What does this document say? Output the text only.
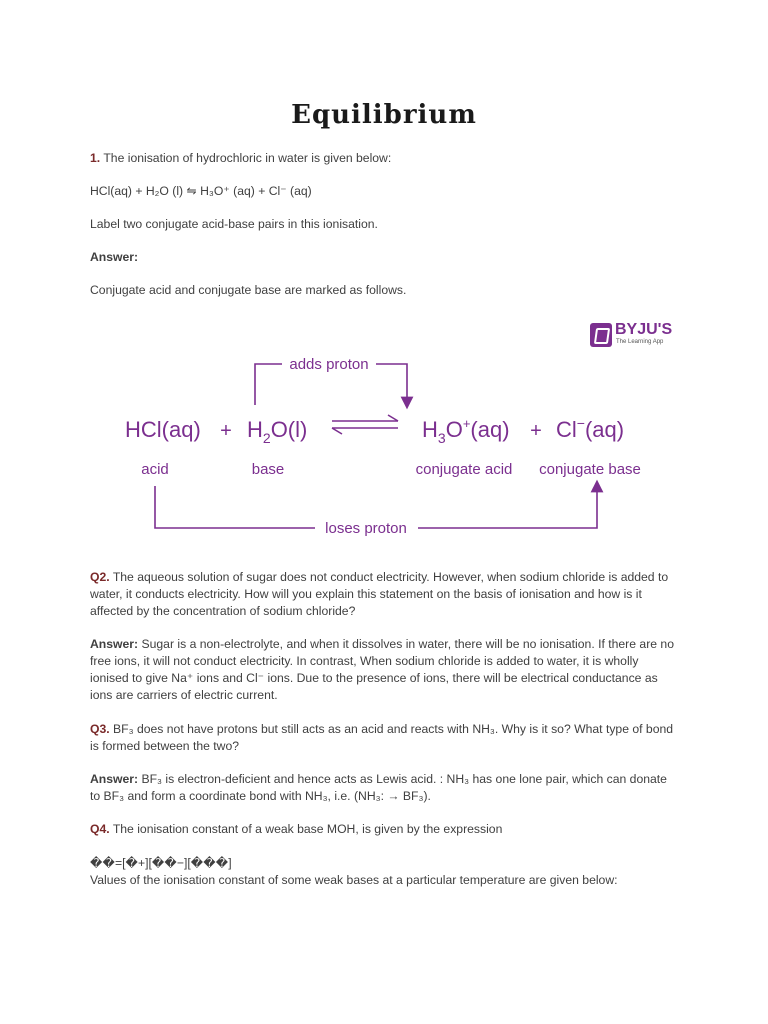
Equilibrium

1. The ionisation of hydrochloric in water is given below:

HCl(aq) + H₂O (l) ⇋ H₃O⁺ (aq) + Cl⁻ (aq)

Label two conjugate acid-base pairs in this ionisation.

Answer:

Conjugate acid and conjugate base are marked as follows.

BYJU'S
The Learning App
adds proton
$HCl(aq) + H_2O(l)$	$H_3O^+(aq) + Cl^-(aq)$
acid	base	conjugate acid conjugate base
loses proton

Q2. The aqueous solution of sugar does not conduct electricity. However, when sodium chloride is added to water, it conducts electricity. How will you explain this statement on the basis of ionisation and how is it affected by the concentration of sodium chloride?

Answer: Sugar is a non-electrolyte, and when it dissolves in water, there will be no ionisation. If there are no free ions, it will not conduct electricity. In contrast, When sodium chloride is added to water, it is wholly ionised to give Na⁺ ions and Cl⁻ ions. Due to the presence of ions, there will be electrical conductance as ions are carriers of electric current.

Q3. BF₃ does not have protons but still acts as an acid and reacts with NH₃. Why is it so? What type of bond is formed between the two?

Answer: BF₃ is electron-deficient and hence acts as Lewis acid. : NH₃ has one lone pair, which can donate to BF₃ and form a coordinate bond with NH₃, i.e. (NH₃: → BF₃).

Q4. The ionisation constant of a weak base MOH, is given by the expression

��=[�+][��−][���]

Values of the ionisation constant of some weak bases at a particular temperature are given below:
